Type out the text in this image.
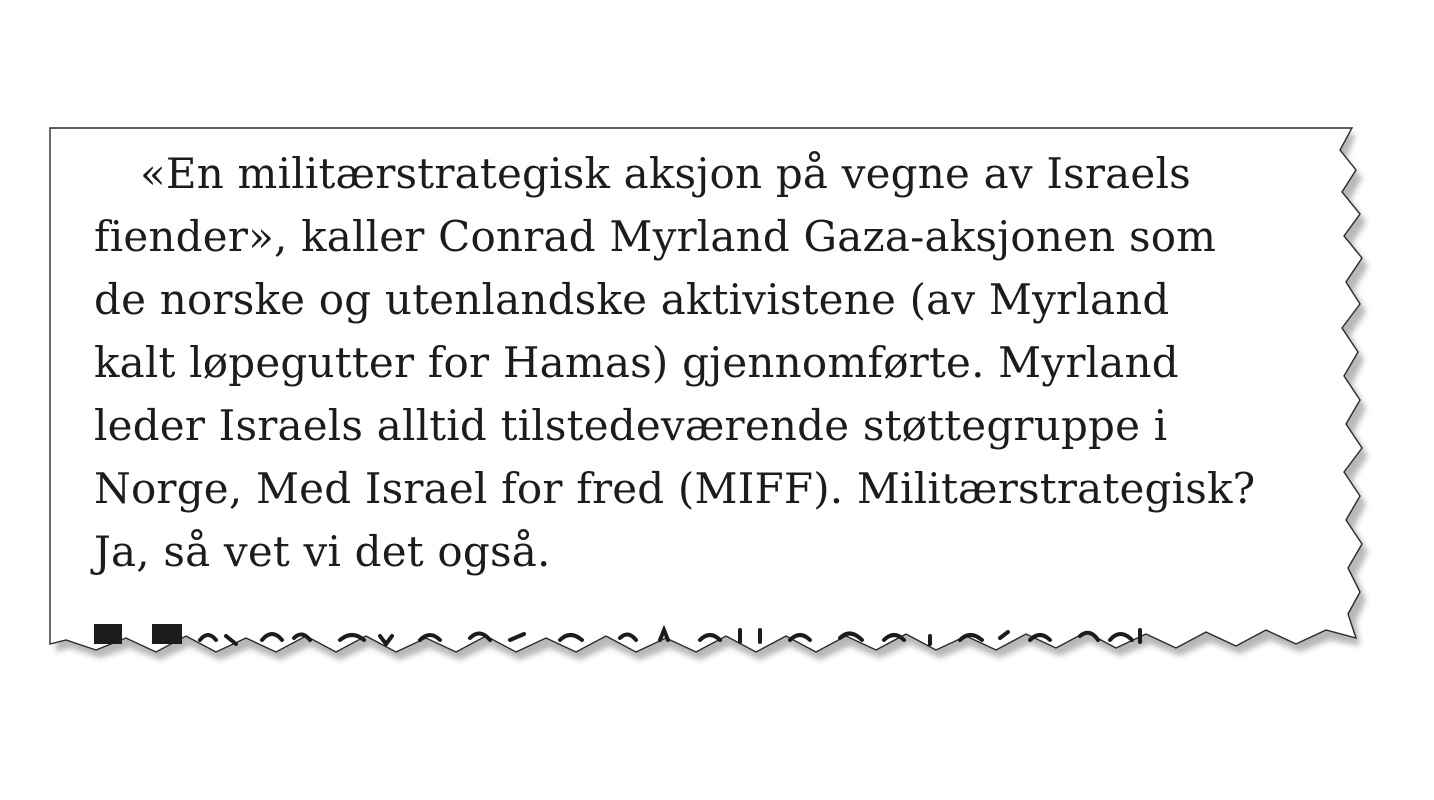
«En militærstrategisk aksjon på vegne av Israels
fiender», kaller Conrad Myrland Gaza-aksjonen som
de norske og utenlandske aktivistene (av Myrland
kalt løpegutter for Hamas) gjennomførte. Myrland
leder Israels alltid tilstedeværende støttegruppe i
Norge, Med Israel for fred (MIFF). Militærstrategisk?
Ja, så vet vi det også.
